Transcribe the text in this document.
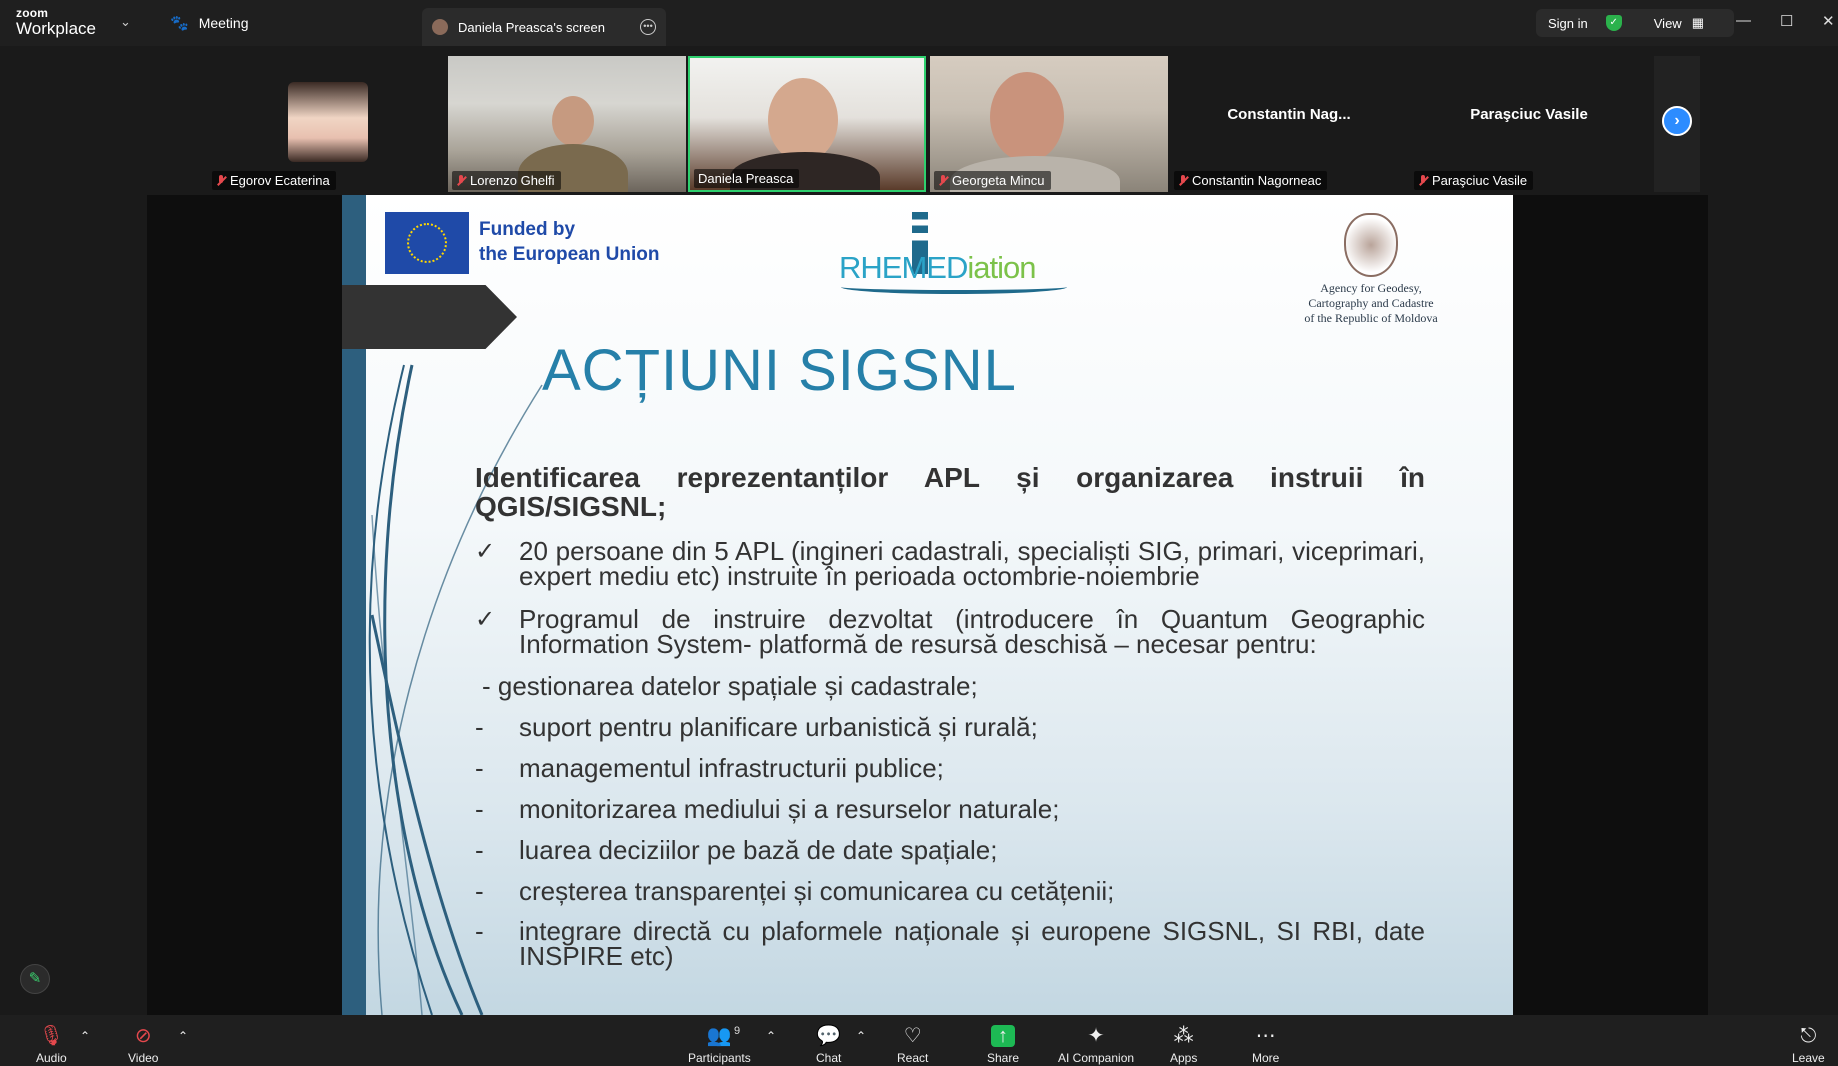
zoom
Workplace ⌄	🐾 Meeting	Daniela Preasca's screen	•••	Sign in	✓	View ▦ — ☐ ✕
Egorov Ecaterina	Lorenzo Ghelfi	Daniela Preasca	Georgeta Mincu
Constantin Nag...
Constantin Nagorneac
Paraşciuc Vasile
Paraşciuc Vasile
›
Funded by
the European Union	RHEMEDiation
Agency for Geodesy,
Cartography and Cadastre
of the Republic of Moldova
ACȚIUNI SIGSNL
Identificarea reprezentanților APL și organizarea instruii în QGIS/SIGSNL;
✓ 20 persoane din 5 APL (ingineri cadastrali, specialiști SIG, primari, viceprimari, expert mediu etc) instruite în perioada octombrie-noiembrie
✓ Programul de instruire dezvoltat (introducere în Quantum Geographic Information System- platformă de resursă deschisă – necesar pentru:
- gestionarea datelor spațiale și cadastrale;
- suport pentru planificare urbanistică și rurală;
- managementul infrastructurii publice;
- monitorizarea mediului și a resurselor naturale;
- luarea deciziilor pe bază de date spațiale;
- creșterea transparenței și comunicarea cu cetățenii;
- integrare directă cu plaformele naționale și europene SIGSNL, SI RBI, date INSPIRE etc)
✎
🎙
Audio
⌃ ⊘
Video
⌃	👥 9
Participants
⌃ 💬
Chat
⌃ ♡
React
↑
Share
✦
AI Companion
⁂
Apps
⋯
More
⎋
Leave
